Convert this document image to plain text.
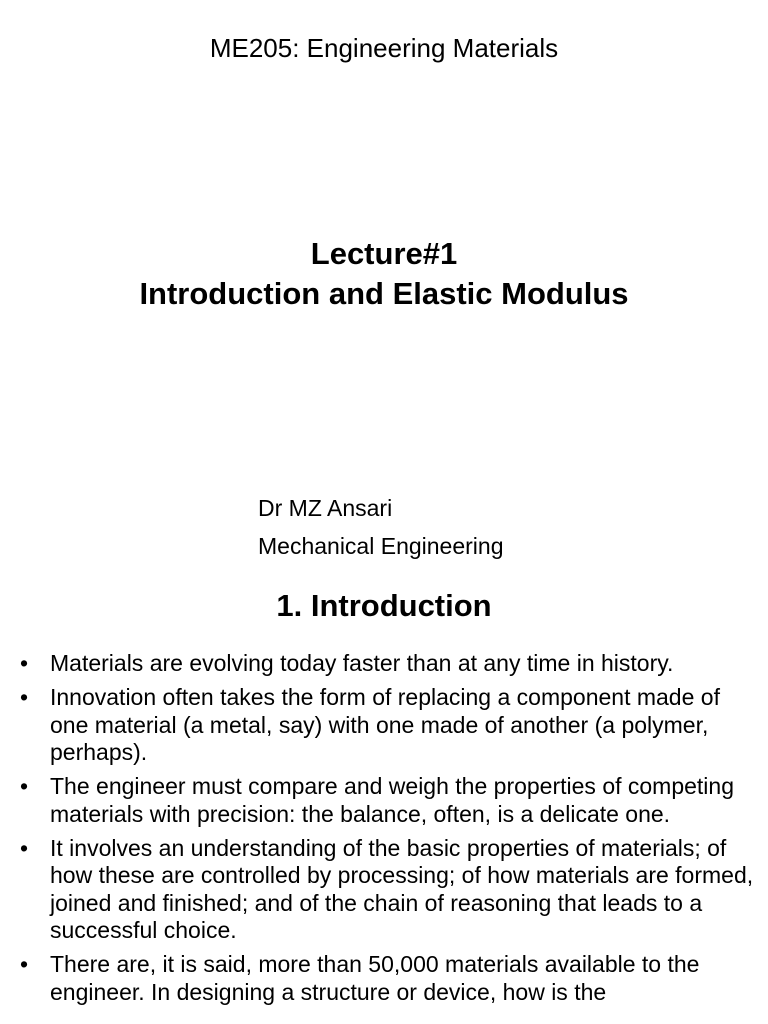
ME205: Engineering Materials
Lecture#1
Introduction and Elastic Modulus
Dr MZ Ansari
Mechanical Engineering
1. Introduction
• Materials are evolving today faster than at any time in history.
• Innovation often takes the form of replacing a component made of one material (a metal, say) with one made of another (a polymer, perhaps).
• The engineer must compare and weigh the properties of competing materials with precision: the balance, often, is a delicate one.
• It involves an understanding of the basic properties of materials; of how these are controlled by processing; of how materials are formed, joined and finished; and of the chain of reasoning that leads to a successful choice.
• There are, it is said, more than 50,000 materials available to the engineer. In designing a structure or device, how is the
